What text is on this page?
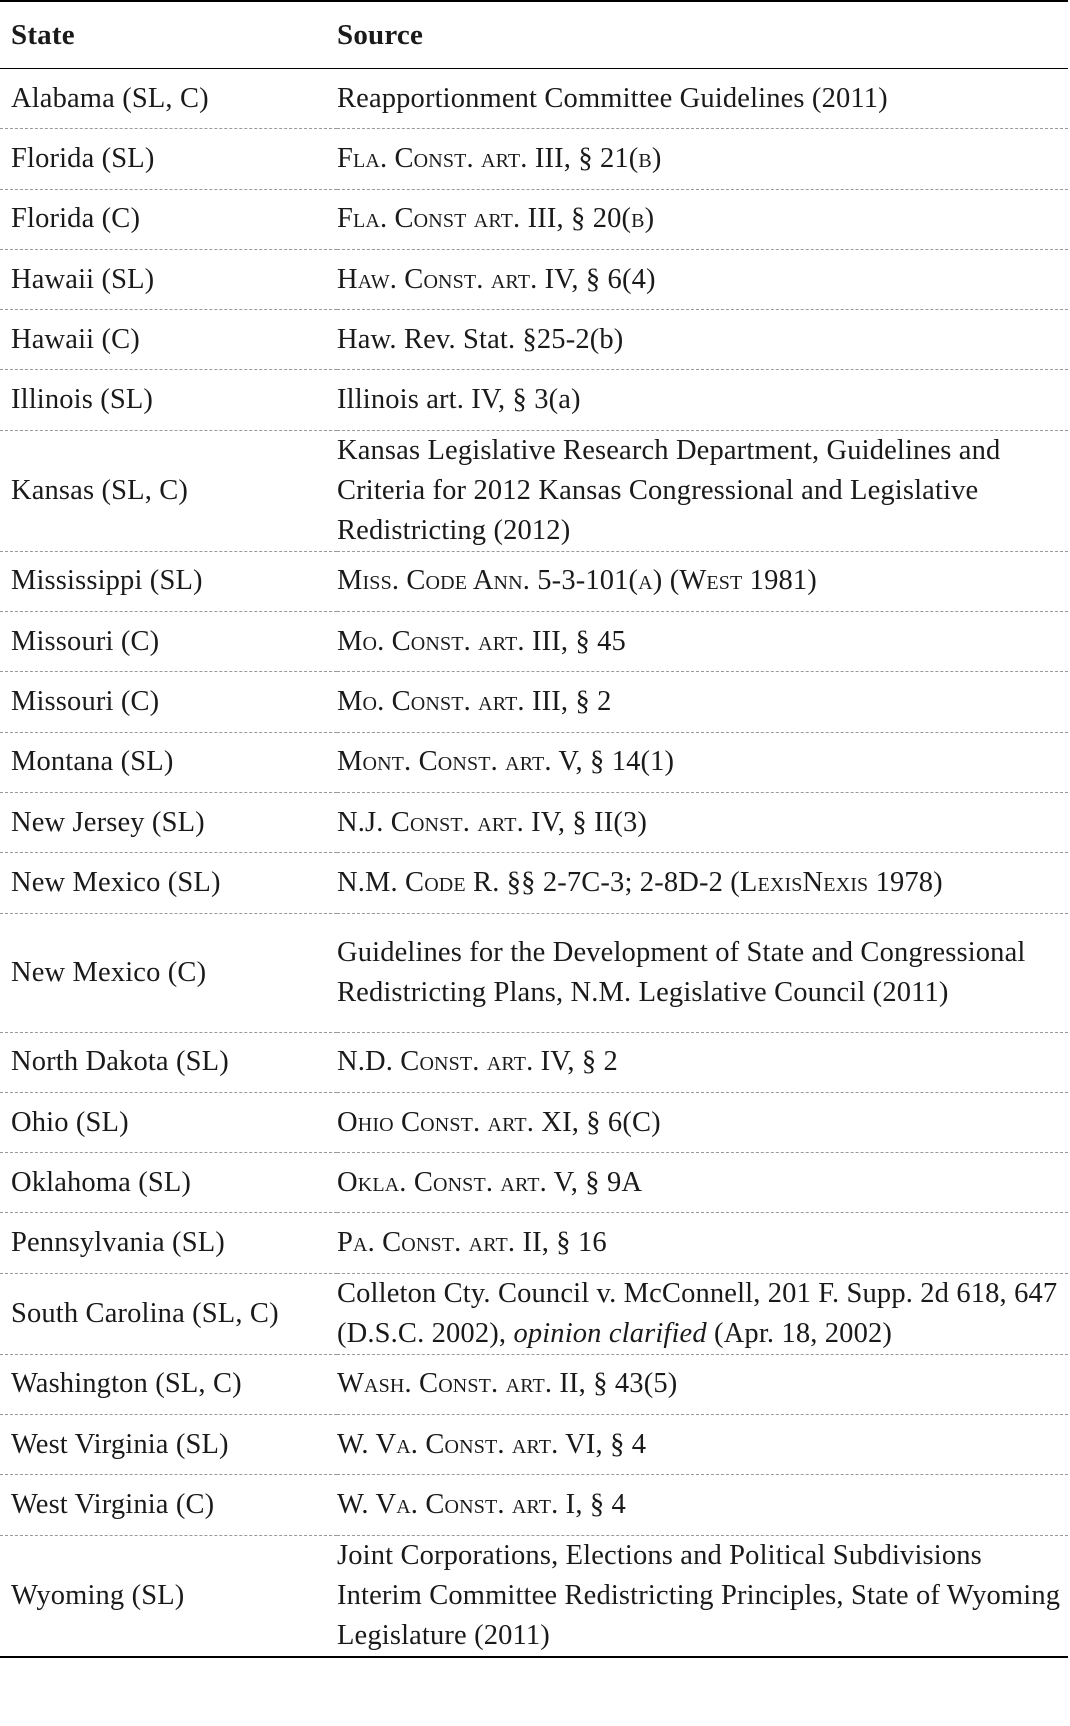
State	Source
Alabama (SL, C)	Reapportionment Committee Guidelines (2011)
Florida (SL)	Fla. Const. art. III, § 21(b)
Florida (C)	Fla. Const art. III, § 20(b)
Hawaii (SL)	Haw. Const. art. IV, § 6(4)
Hawaii (C)	Haw. Rev. Stat. §25-2(b)
Illinois (SL)	Illinois art. IV, § 3(a)
Kansas (SL, C)	Kansas Legislative Research Department, Guidelines and Criteria for 2012 Kansas Congressional and Legislative Redistricting (2012)
Mississippi (SL)	Miss. Code Ann. 5-3-101(a) (West 1981)
Missouri (C)	Mo. Const. art. III, § 45
Missouri (C)	Mo. Const. art. III, § 2
Montana (SL)	Mont. Const. art. V, § 14(1)
New Jersey (SL)	N.J. Const. art. IV, § II(3)
New Mexico (SL)	N.M. Code R. §§ 2-7C-3; 2-8D-2 (LexisNexis 1978)
New Mexico (C)	Guidelines for the Development of State and Congressional Redistricting Plans, N.M. Legislative Council (2011)
North Dakota (SL)	N.D. Const. art. IV, § 2
Ohio (SL)	Ohio Const. art. XI, § 6(C)
Oklahoma (SL)	Okla. Const. art. V, § 9A
Pennsylvania (SL)	Pa. Const. art. II, § 16
South Carolina (SL, C)	Colleton Cty. Council v. McConnell, 201 F. Supp. 2d 618, 647 (D.S.C. 2002), opinion clarified (Apr. 18, 2002)
Washington (SL, C)	Wash. Const. art. II, § 43(5)
West Virginia (SL)	W. Va. Const. art. VI, § 4
West Virginia (C)	W. Va. Const. art. I, § 4
Wyoming (SL)	Joint Corporations, Elections and Political Subdivisions Interim Committee Redistricting Principles, State of Wyoming Legislature (2011)
